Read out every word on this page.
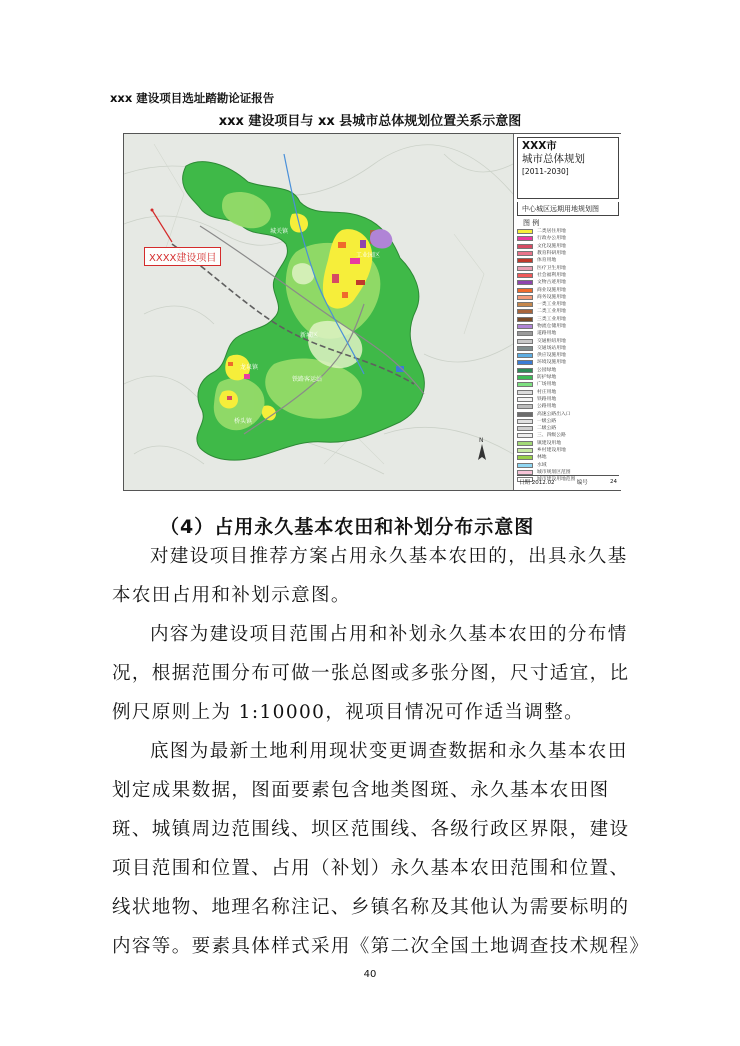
xxx 建设项目选址踏勘论证报告
xxx 建设项目与 xx 县城市总体规划位置关系示意图
N
城关镇
工业园区
新城区
龙泉镇
桥头镇
铁路客运站
XXXX建设项目
XXX市
城市总体规划
[2011-2030]
中心城区远期用地规划图
图 例
二类居住用地
行政办公用地
文化设施用地
教育科研用地
体育用地
医疗卫生用地
社会福利用地
文物古迹用地
商业设施用地
商务设施用地
一类工业用地
二类工业用地
三类工业用地
物流仓储用地
道路用地
交通枢纽用地
交通场站用地
供应设施用地
环境设施用地
公园绿地
防护绿地
广场用地
村庄用地
铁路用地
公路用地
高速公路出入口
一级公路
二级公路
三、四级公路
镇建设用地
乡村建设用地
林地
水域
城市规划区范围
城市建设用地范围
日期 2012.02	编号	24
（4）占用永久基本农田和补划分布示意图
对建设项目推荐方案占用永久基本农田的，出具永久基本农田占用和补划示意图。
内容为建设项目范围占用和补划永久基本农田的分布情况，根据范围分布可做一张总图或多张分图，尺寸适宜，比例尺原则上为 1:10000，视项目情况可作适当调整。
底图为最新土地利用现状变更调查数据和永久基本农田划定成果数据，图面要素包含地类图斑、永久基本农田图斑、城镇周边范围线、坝区范围线、各级行政区界限，建设项目范围和位置、占用（补划）永久基本农田范围和位置、线状地物、地理名称注记、乡镇名称及其他认为需要标明的内容等。要素具体样式采用《第二次全国土地调查技术规程》
40
